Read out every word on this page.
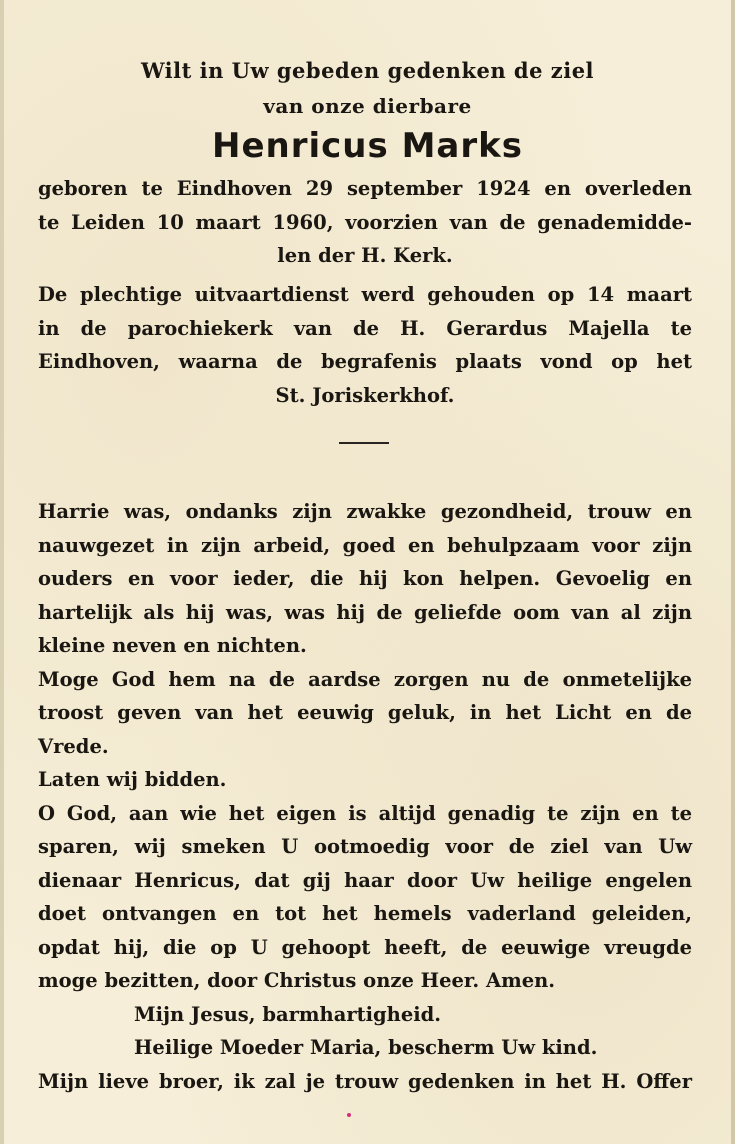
Wilt in Uw gebeden gedenken de ziel
van onze dierbare
Henricus Marks
geboren te Eindhoven 29 september 1924 en overleden
te Leiden 10 maart 1960, voorzien van de genademidde-
len der H. Kerk.
De plechtige uitvaartdienst werd gehouden op 14 maart
in de parochiekerk van de H. Gerardus Majella te
Eindhoven, waarna de begrafenis plaats vond op het
St. Joriskerkhof.
Harrie was, ondanks zijn zwakke gezondheid, trouw en
nauwgezet in zijn arbeid, goed en behulpzaam voor zijn
ouders en voor ieder, die hij kon helpen. Gevoelig en
hartelijk als hij was, was hij de geliefde oom van al zijn
kleine neven en nichten.
Moge God hem na de aardse zorgen nu de onmetelijke
troost geven van het eeuwig geluk, in het Licht en de
Vrede.
Laten wij bidden.
O God, aan wie het eigen is altijd genadig te zijn en te
sparen, wij smeken U ootmoedig voor de ziel van Uw
dienaar Henricus, dat gij haar door Uw heilige engelen
doet ontvangen en tot het hemels vaderland geleiden,
opdat hij, die op U gehoopt heeft, de eeuwige vreugde
moge bezitten, door Christus onze Heer. Amen.
Mijn Jesus, barmhartigheid.
Heilige Moeder Maria, bescherm Uw kind.
Mijn lieve broer, ik zal je trouw gedenken in het H. Offer
